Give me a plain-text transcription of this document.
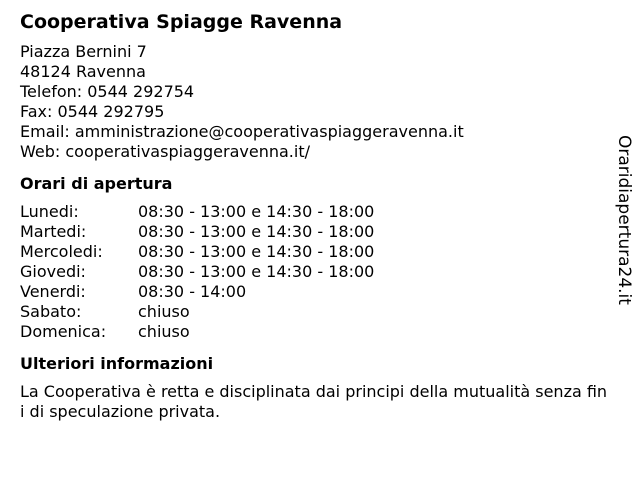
Cooperativa Spiagge Ravenna
Piazza Bernini 7
48124 Ravenna
Telefon: 0544 292754
Fax: 0544 292795
Email: amministrazione@cooperativaspiaggeravenna.it
Web: cooperativaspiaggeravenna.it/
Orari di apertura
Lunedi:	08:30 - 13:00 e 14:30 - 18:00
Martedi:	08:30 - 13:00 e 14:30 - 18:00
Mercoledi:	08:30 - 13:00 e 14:30 - 18:00
Giovedi:	08:30 - 13:00 e 14:30 - 18:00
Venerdi:	08:30 - 14:00
Sabato:	chiuso
Domenica:	chiuso
Ulteriori informazioni
La Cooperativa è retta e disciplinata dai principi della mutualità senza fini di speculazione privata.
Oraridiapertura24.it
